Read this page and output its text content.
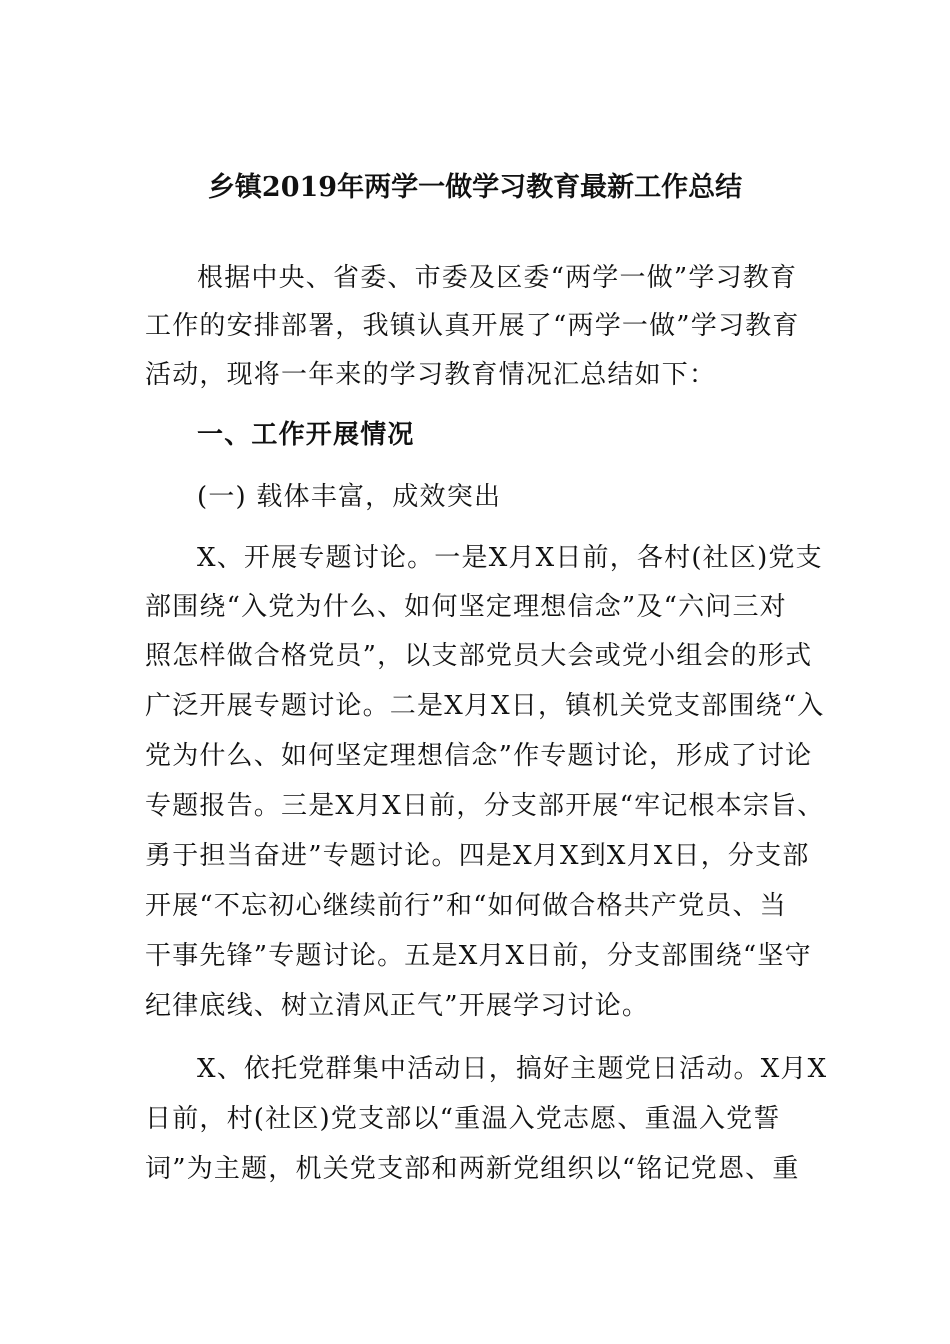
乡镇2019年两学一做学习教育最新工作总结
根据中央、省委、市委及区委“两学一做”学习教育
工作的安排部署，我镇认真开展了“两学一做”学习教育
活动，现将一年来的学习教育情况汇总结如下：
一、工作开展情况
(一) 载体丰富，成效突出
X、开展专题讨论。一是X月X日前，各村(社区)党支
部围绕“入党为什么、如何坚定理想信念”及“六问三对
照怎样做合格党员”，以支部党员大会或党小组会的形式
广泛开展专题讨论。二是X月X日，镇机关党支部围绕“入
党为什么、如何坚定理想信念”作专题讨论，形成了讨论
专题报告。三是X月X日前，分支部开展“牢记根本宗旨、
勇于担当奋进”专题讨论。四是X月X到X月X日，分支部
开展“不忘初心继续前行”和“如何做合格共产党员、当
干事先锋”专题讨论。五是X月X日前，分支部围绕“坚守
纪律底线、树立清风正气”开展学习讨论。
X、依托党群集中活动日，搞好主题党日活动。X月X
日前，村(社区)党支部以“重温入党志愿、重温入党誓
词”为主题，机关党支部和两新党组织以“铭记党恩、重
